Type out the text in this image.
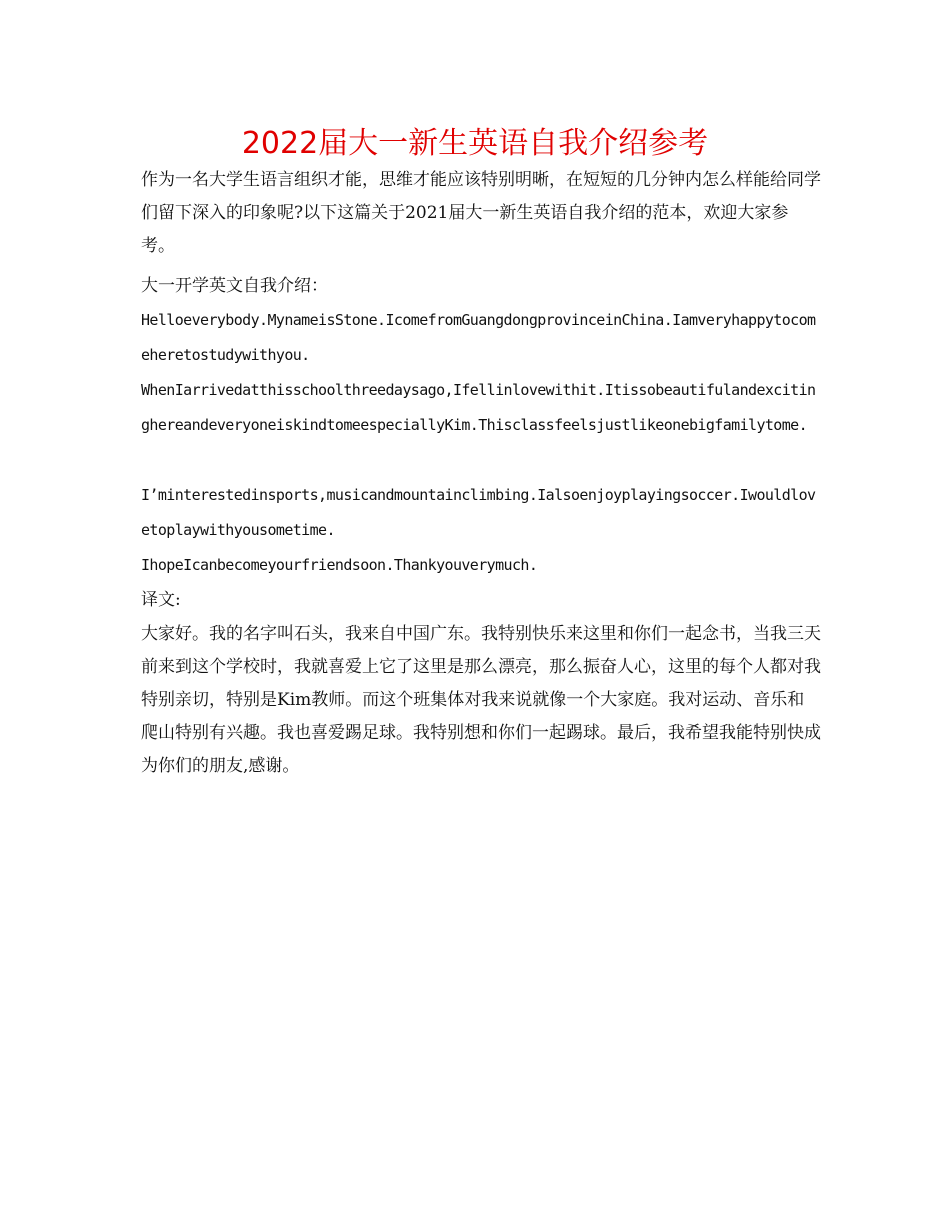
2022届大一新生英语自我介绍参考

作为一名大学生语言组织才能，思维才能应该特别明晰，在短短的几分钟内怎么样能给同学们留下深入的印象呢?以下这篇关于2021届大一新生英语自我介绍的范本，欢迎大家参考。

大一开学英文自我介绍：

Helloeverybody.MynameisStone.IcomefromGuangdongprovinceinChina.Iamveryhappytocomeheretostudywithyou.

WhenIarrivedatthisschoolthreedaysago,Ifellinlovewithit.ItissobeautifulandexcitinghereandeveryoneiskindtomeespeciallyKim.Thisclassfeelsjustlikeonebigfamilytome.

I’minterestedinsports,musicandmountainclimbing.Ialsoenjoyplayingsoccer.Iwouldlovetoplaywithyousometime.

IhopeIcanbecomeyourfriendsoon.Thankyouverymuch.

译文:

大家好。我的名字叫石头，我来自中国广东。我特别快乐来这里和你们一起念书，当我三天前来到这个学校时，我就喜爱上它了这里是那么漂亮，那么振奋人心，这里的每个人都对我特别亲切，特别是Kim教师。而这个班集体对我来说就像一个大家庭。我对运动、音乐和爬山特别有兴趣。我也喜爱踢足球。我特别想和你们一起踢球。最后，我希望我能特别快成为你们的朋友,感谢。
